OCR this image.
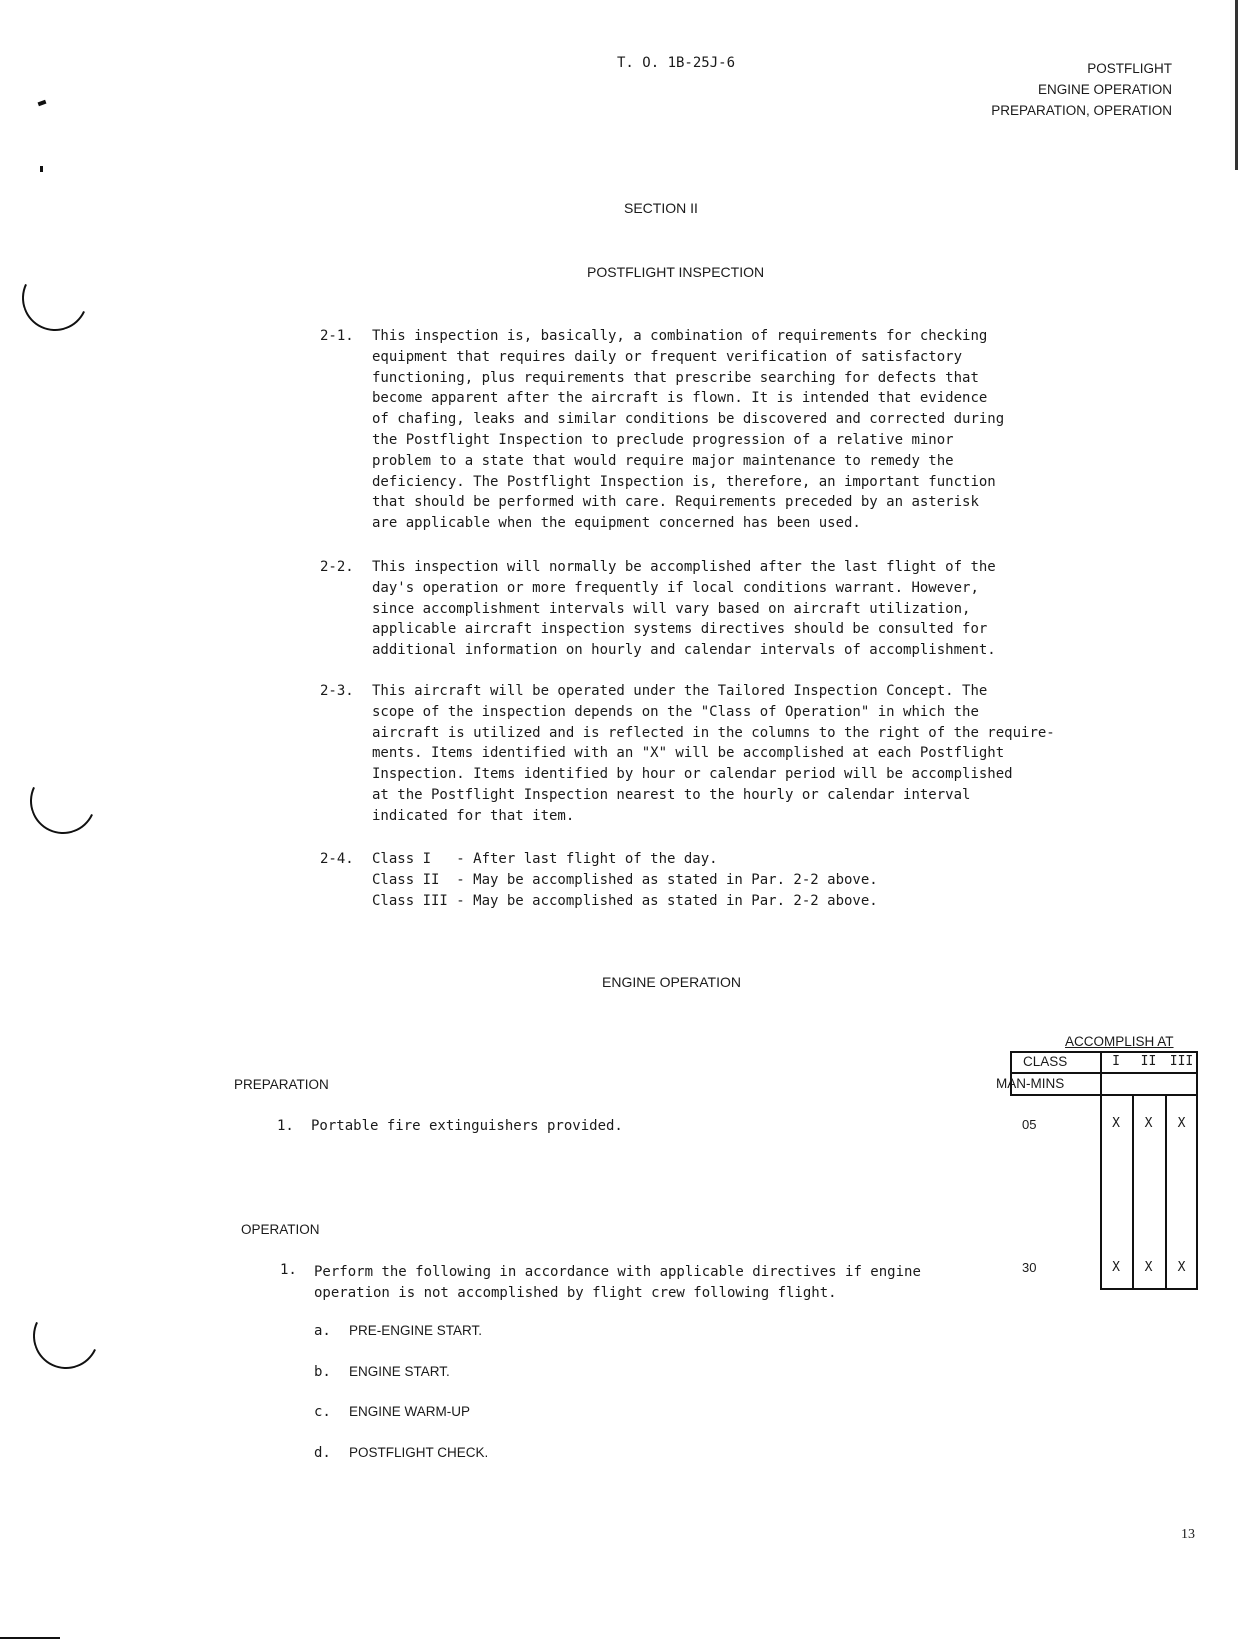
T. O. 1B-25J-6	POSTFLIGHT
ENGINE OPERATION
PREPARATION, OPERATION
SECTION II
POSTFLIGHT INSPECTION
2-1. This inspection is, basically, a combination of requirements for checking
equipment that requires daily or frequent verification of satisfactory
functioning, plus requirements that prescribe searching for defects that
become apparent after the aircraft is flown. It is intended that evidence
of chafing, leaks and similar conditions be discovered and corrected during
the Postflight Inspection to preclude progression of a relative minor
problem to a state that would require major maintenance to remedy the
deficiency. The Postflight Inspection is, therefore, an important function
that should be performed with care. Requirements preceded by an asterisk
are applicable when the equipment concerned has been used.
2-2. This inspection will normally be accomplished after the last flight of the
day's operation or more frequently if local conditions warrant. However,
since accomplishment intervals will vary based on aircraft utilization,
applicable aircraft inspection systems directives should be consulted for
additional information on hourly and calendar intervals of accomplishment.
2-3. This aircraft will be operated under the Tailored Inspection Concept. The
scope of the inspection depends on the "Class of Operation" in which the
aircraft is utilized and is reflected in the columns to the right of the require-
ments. Items identified with an "X" will be accomplished at each Postflight
Inspection. Items identified by hour or calendar period will be accomplished
at the Postflight Inspection nearest to the hourly or calendar interval
indicated for that item.
2-4. Class I   - After last flight of the day.
Class II  - May be accomplished as stated in Par. 2-2 above.
Class III - May be accomplished as stated in Par. 2-2 above.
ENGINE OPERATION
ACCOMPLISH AT
CLASS	I	II	III
MAN-MINS
PREPARATION
1. Portable fire extinguishers provided.	05	X	X	X
OPERATION
1. Perform the following in accordance with applicable directives if engine
operation is not accomplished by flight crew following flight.
30	X	X	X
a. PRE-ENGINE START.
b. ENGINE START.
c. ENGINE WARM-UP
d. POSTFLIGHT CHECK.
13
